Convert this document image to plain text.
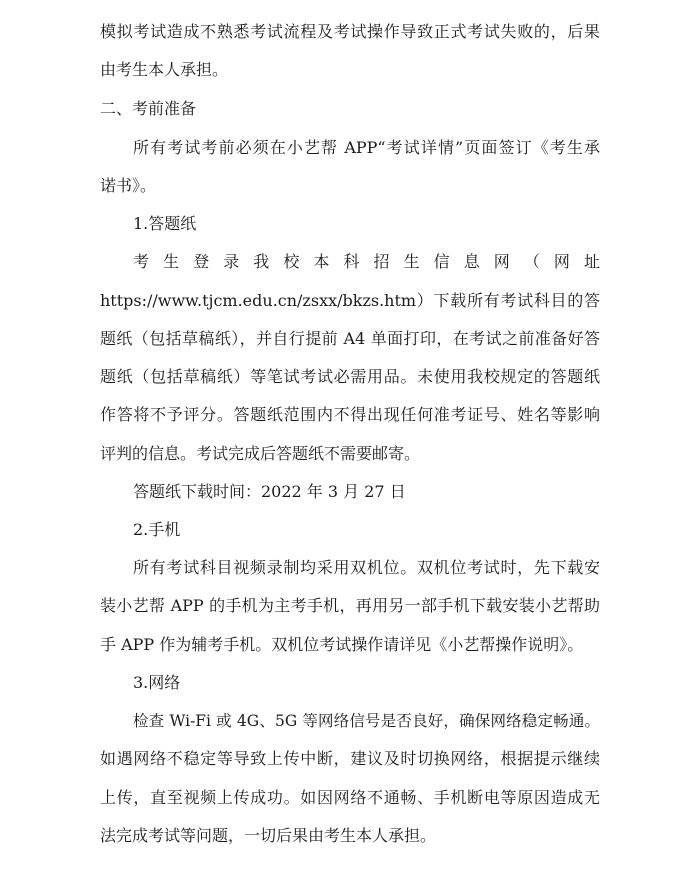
模拟考试造成不熟悉考试流程及考试操作导致正式考试失败的，后果
由考生本人承担。
二、考前准备
所有考试考前必须在小艺帮 APP“考试详情”页面签订《考生承
诺书》。
1.答题纸
考 生 登 录 我 校 本 科 招 生 信 息 网 （ 网 址
https://www.tjcm.edu.cn/zsxx/bkzs.htm）下载所有考试科目的答
题纸（包括草稿纸），并自行提前 A4 单面打印，在考试之前准备好答
题纸（包括草稿纸）等笔试考试必需用品。未使用我校规定的答题纸
作答将不予评分。答题纸范围内不得出现任何准考证号、姓名等影响
评判的信息。考试完成后答题纸不需要邮寄。
答题纸下载时间：2022 年 3 月 27 日
2.手机
所有考试科目视频录制均采用双机位。双机位考试时，先下载安
装小艺帮 APP 的手机为主考手机，再用另一部手机下载安装小艺帮助
手 APP 作为辅考手机。双机位考试操作请详见《小艺帮操作说明》。
3.网络
检查 Wi-Fi 或 4G、5G 等网络信号是否良好，确保网络稳定畅通。
如遇网络不稳定等导致上传中断，建议及时切换网络，根据提示继续
上传，直至视频上传成功。如因网络不通畅、手机断电等原因造成无
法完成考试等问题，一切后果由考生本人承担。
